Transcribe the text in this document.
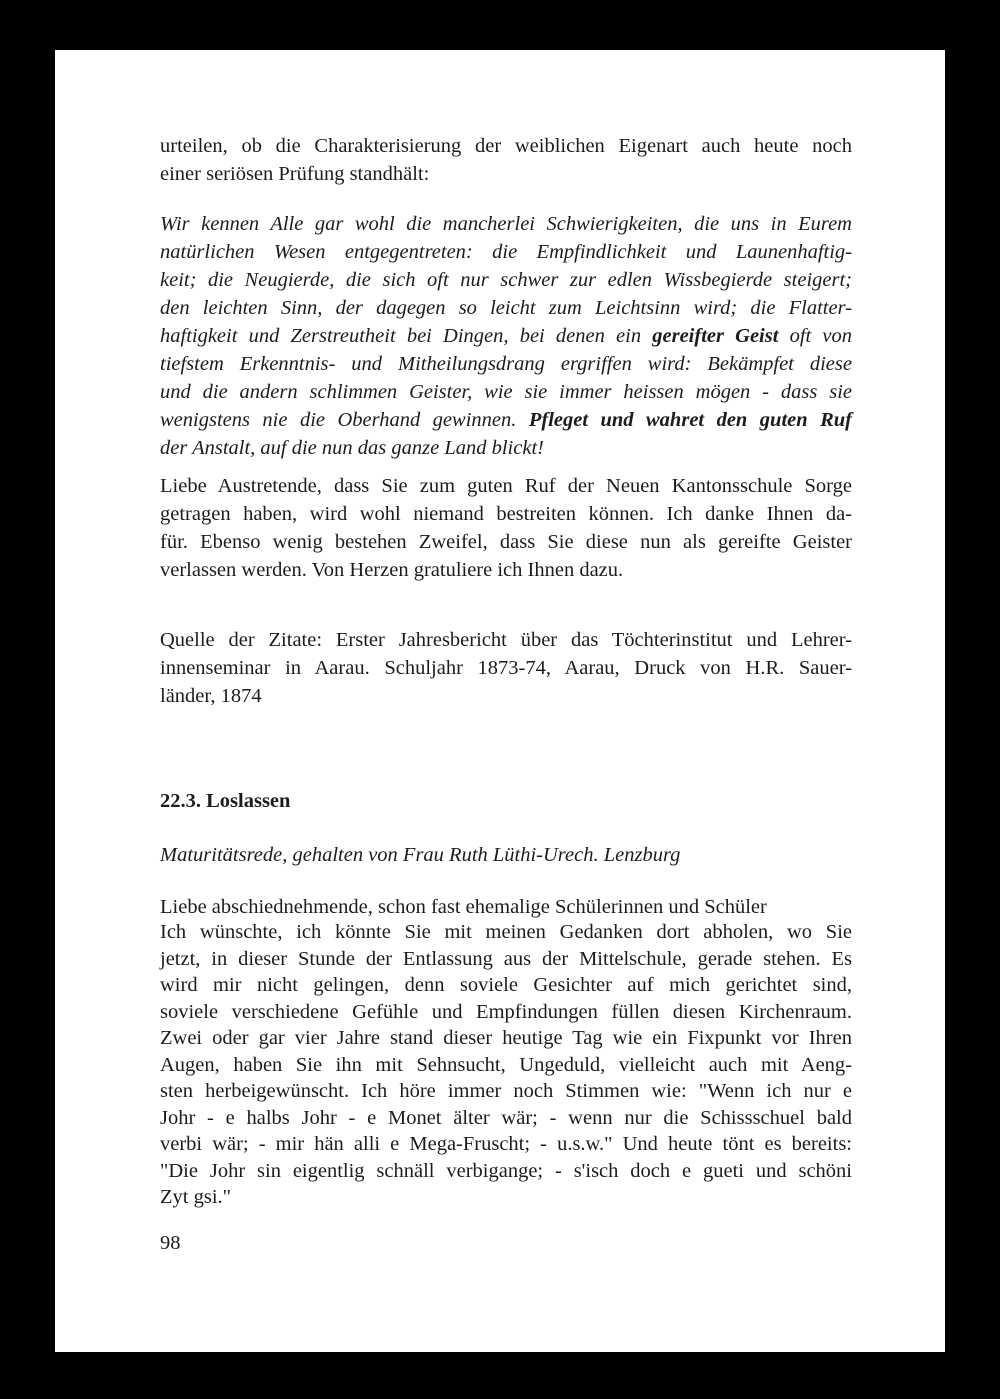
urteilen, ob die Charakterisierung der weiblichen Eigenart auch heute noch
einer seriösen Prüfung standhält:
Wir kennen Alle gar wohl die mancherlei Schwierigkeiten, die uns in Eurem
natürlichen Wesen entgegentreten: die Empfindlichkeit und Launenhaftig-
keit; die Neugierde, die sich oft nur schwer zur edlen Wissbegierde steigert;
den leichten Sinn, der dagegen so leicht zum Leichtsinn wird; die Flatter-
haftigkeit und Zerstreutheit bei Dingen, bei denen ein gereifter Geist oft von
tiefstem Erkenntnis- und Mitheilungsdrang ergriffen wird: Bekämpfet diese
und die andern schlimmen Geister, wie sie immer heissen mögen - dass sie
wenigstens nie die Oberhand gewinnen. Pfleget und wahret den guten Ruf
der Anstalt, auf die nun das ganze Land blickt!
Liebe Austretende, dass Sie zum guten Ruf der Neuen Kantonsschule Sorge
getragen haben, wird wohl niemand bestreiten können. Ich danke Ihnen da-
für. Ebenso wenig bestehen Zweifel, dass Sie diese nun als gereifte Geister
verlassen werden. Von Herzen gratuliere ich Ihnen dazu.
Quelle der Zitate: Erster Jahresbericht über das Töchterinstitut und Lehrer-
innenseminar in Aarau. Schuljahr 1873-74, Aarau, Druck von H.R. Sauer-
länder, 1874
22.3. Loslassen
Maturitätsrede, gehalten von Frau Ruth Lüthi-Urech. Lenzburg
Liebe abschiednehmende, schon fast ehemalige Schülerinnen und Schüler
Ich wünschte, ich könnte Sie mit meinen Gedanken dort abholen, wo Sie
jetzt, in dieser Stunde der Entlassung aus der Mittelschule, gerade stehen. Es
wird mir nicht gelingen, denn soviele Gesichter auf mich gerichtet sind,
soviele verschiedene Gefühle und Empfindungen füllen diesen Kirchenraum.
Zwei oder gar vier Jahre stand dieser heutige Tag wie ein Fixpunkt vor Ihren
Augen, haben Sie ihn mit Sehnsucht, Ungeduld, vielleicht auch mit Aeng-
sten herbeigewünscht. Ich höre immer noch Stimmen wie: "Wenn ich nur e
Johr - e halbs Johr - e Monet älter wär; - wenn nur die Schissschuel bald
verbi wär; - mir hän alli e Mega-Fruscht; - u.s.w." Und heute tönt es bereits:
"Die Johr sin eigentlig schnäll verbigange; - s'isch doch e gueti und schöni
Zyt gsi."
98
